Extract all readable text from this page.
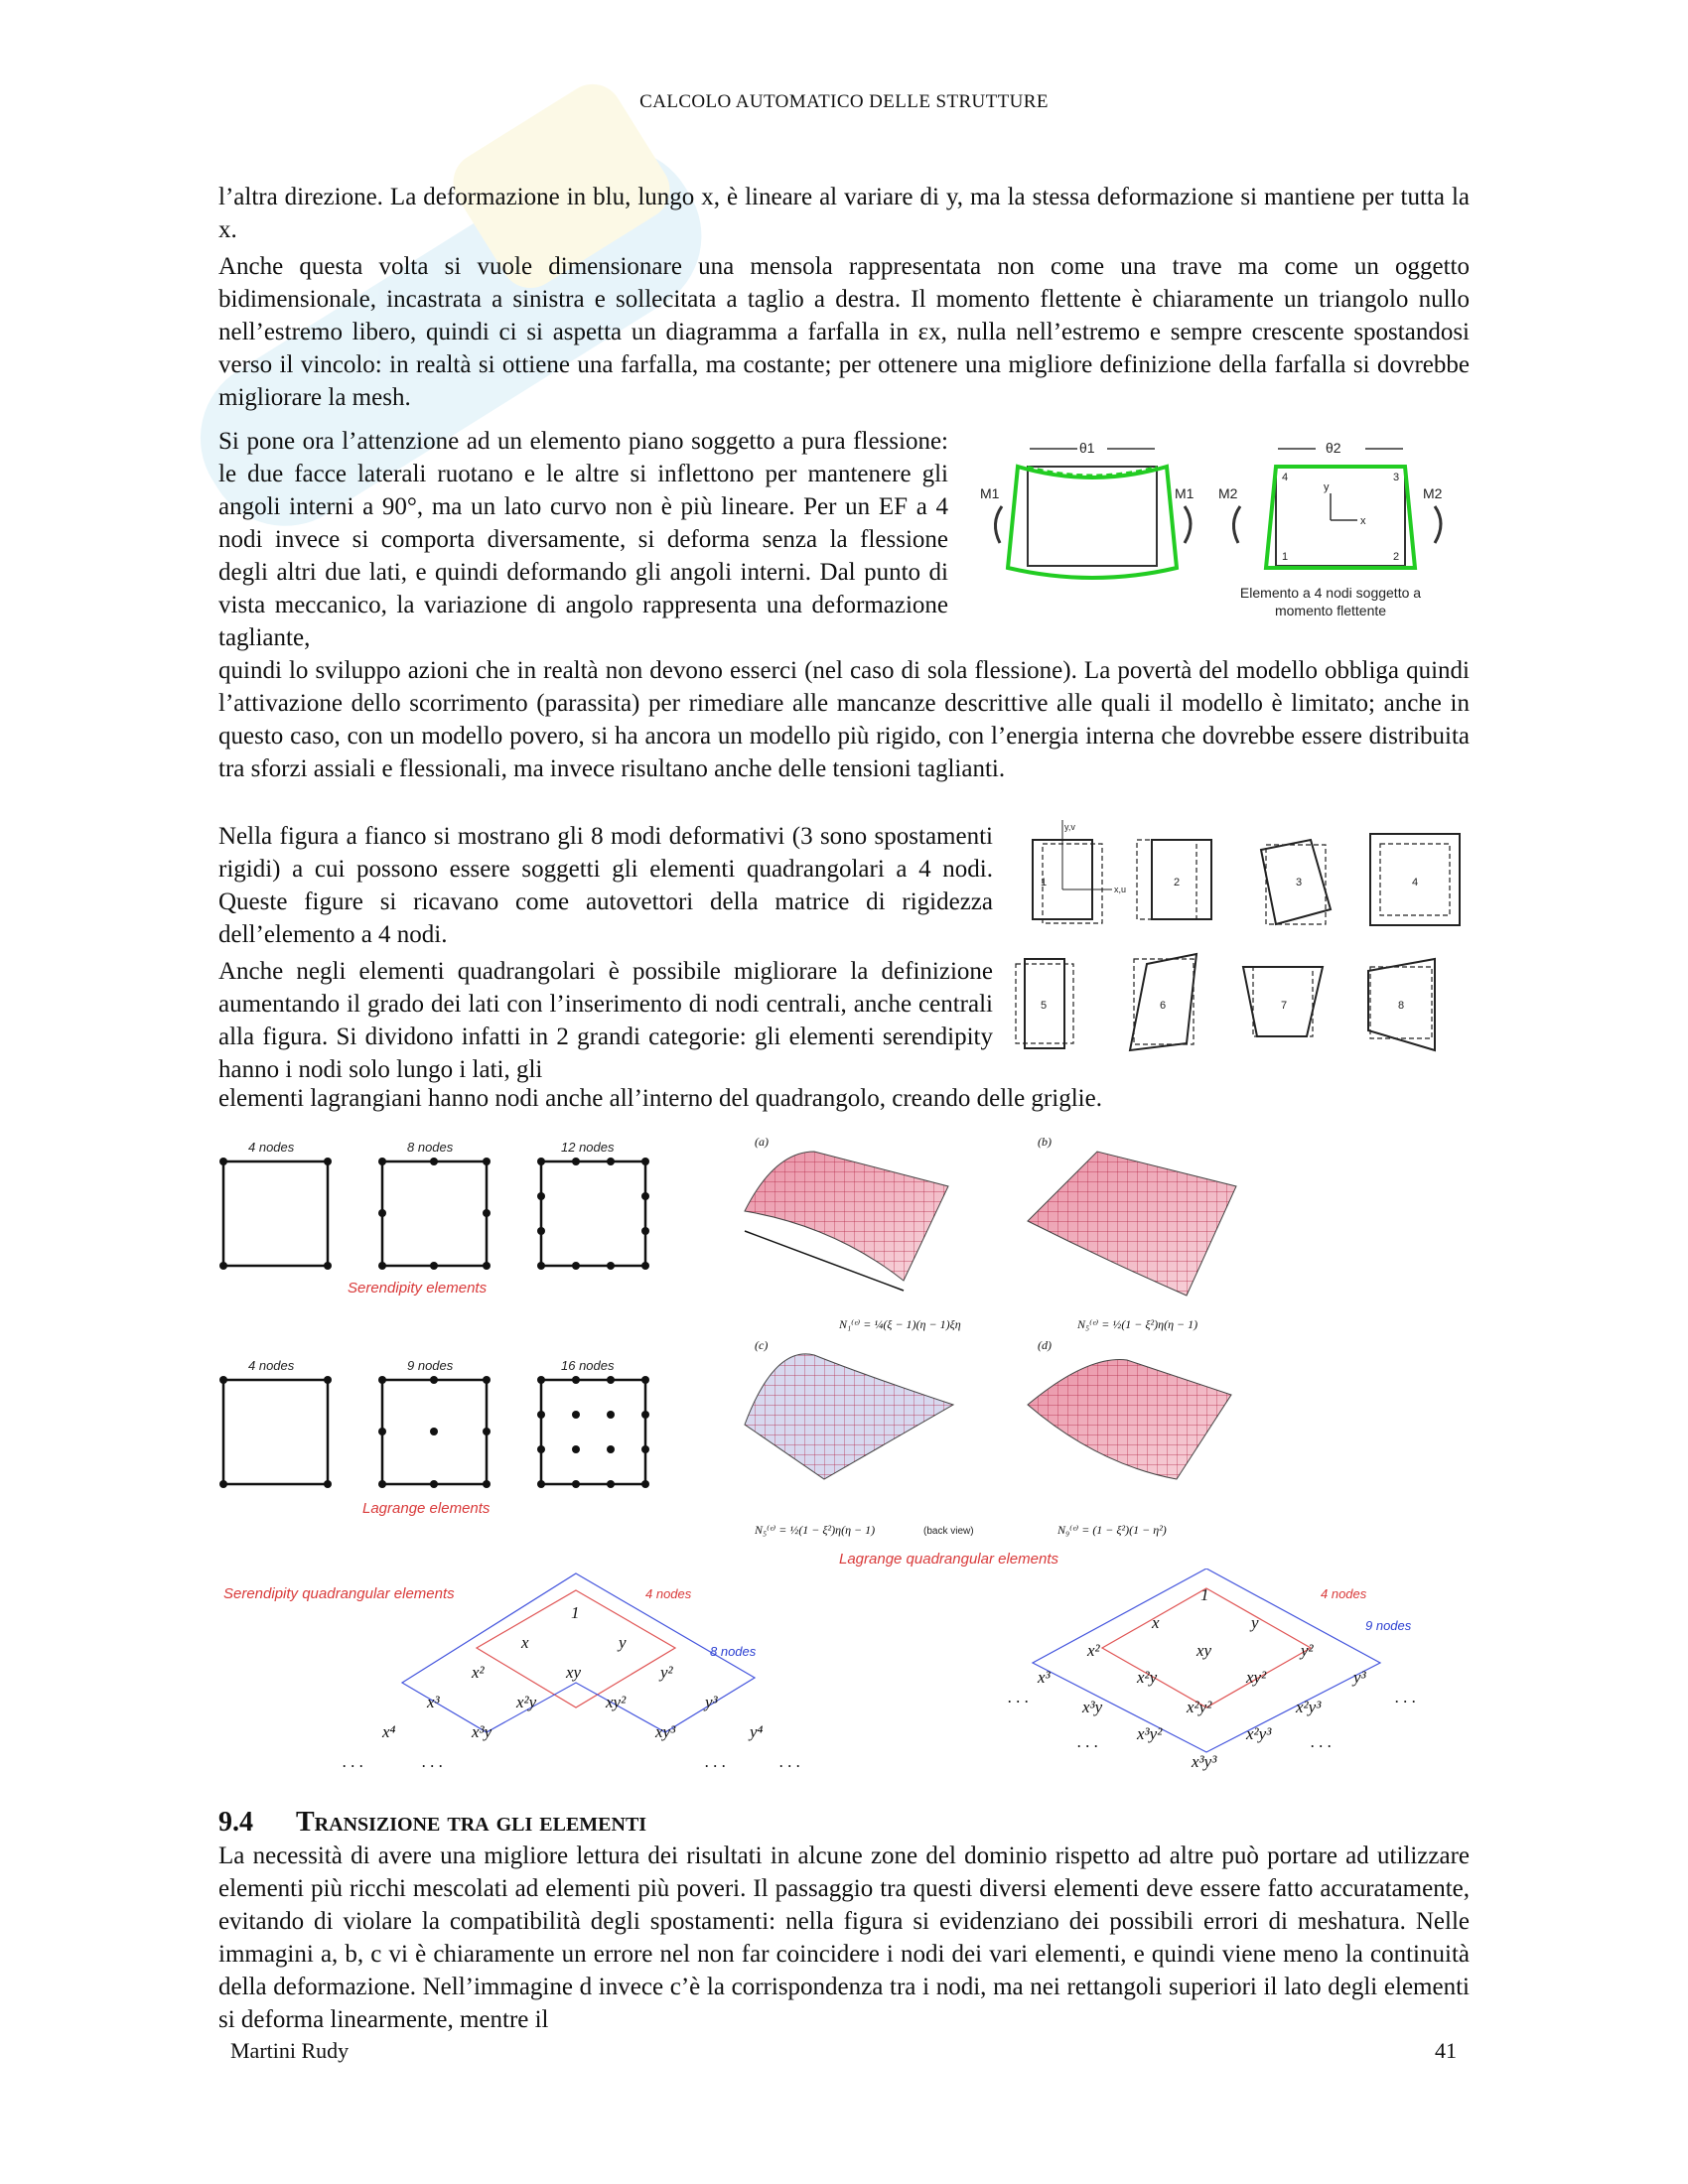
CALCOLO AUTOMATICO DELLE STRUTTURE

l’altra direzione. La deformazione in blu, lungo x, è lineare al variare di y, ma la stessa deformazione si mantiene per tutta la x.

Anche questa volta si vuole dimensionare una mensola rappresentata non come una trave ma come un oggetto bidimensionale, incastrata a sinistra e sollecitata a taglio a destra. Il momento flettente è chiaramente un triangolo nullo nell’estremo libero, quindi ci si aspetta un diagramma a farfalla in εx, nulla nell’estremo e sempre crescente spostandosi verso il vincolo: in realtà si ottiene una farfalla, ma costante; per ottenere una migliore definizione della farfalla si dovrebbe migliorare la mesh.

Si pone ora l’attenzione ad un elemento piano soggetto a pura flessione: le due facce laterali ruotano e le altre si inflettono per mantenere gli angoli interni a 90°, ma un lato curvo non è più lineare. Per un EF a 4 nodi invece si comporta diversamente, si deforma senza la flessione degli altri due lati, e quindi deformando gli angoli interni. Dal punto di vista meccanico, la variazione di angolo rappresenta una deformazione tagliante,
θ1
M1	M1
θ2
M2	M2
y
x
1	2
3
4
Elemento a 4 nodi soggetto a
momento flettente
quindi lo sviluppo azioni che in realtà non devono esserci (nel caso di sola flessione). La povertà del modello obbliga quindi l’attivazione dello scorrimento (parassita) per rimediare alle mancanze descrittive alle quali il modello è limitato; anche in questo caso, con un modello povero, si ha ancora un modello più rigido, con l’energia interna che dovrebbe essere distribuita tra sforzi assiali e flessionali, ma invece risultano anche delle tensioni taglianti.

Nella figura a fianco si mostrano gli 8 modi deformativi (3 sono spostamenti rigidi) a cui possono essere soggetti gli elementi quadrangolari a 4 nodi. Queste figure si ricavano come autovettori della matrice di rigidezza dell’elemento a 4 nodi.

Anche negli elementi quadrangolari è possibile migliorare la definizione aumentando il grado dei lati con l’inserimento di nodi centrali, anche centrali alla figura. Si dividono infatti in 2 grandi categorie: gli elementi serendipity hanno i nodi solo lungo i lati, gli

y,v
x,u
1	2	3	4
5	6	7	8
elementi lagrangiani hanno nodi anche all’interno del quadrangolo, creando delle griglie.
4 nodes	8 nodes	12 nodes
Serendipity elements
4 nodes	9 nodes	16 nodes
Lagrange elements
(a)
N₁⁽ᵉ⁾ = ¼(ξ − 1)(η − 1)ξη
(b)
N₅⁽ᵉ⁾ = ½(1 − ξ²)η(η − 1)
(c)
N₅⁽ᵉ⁾ = ½(1 − ξ²)η(η − 1)	(back view)
(d)
N₉⁽ᵉ⁾ = (1 − ξ²)(1 − η²)
Lagrange quadrangular elements
Serendipity quadrangular elements	4 nodes
8 nodes
1
x	y
x²	xy	y²
x³	x²y	xy²	y³
x⁴	x³y	xy³	y⁴
. . .	. . .	. . .	. . .
4 nodes
9 nodes
1
x	y
x²	xy	y²
x³	x²y	xy²	y³
x³y	x²y²	x²y³
x³y²	x²y³
x³y³
. . .	. . .
. . .	. . .
9.4 Transizione tra gli elementi
La necessità di avere una migliore lettura dei risultati in alcune zone del dominio rispetto ad altre può portare ad utilizzare elementi più ricchi mescolati ad elementi più poveri. Il passaggio tra questi diversi elementi deve essere fatto accuratamente, evitando di violare la compatibilità degli spostamenti: nella figura si evidenziano dei possibili errori di meshatura. Nelle immagini a, b, c vi è chiaramente un errore nel non far coincidere i nodi dei vari elementi, e quindi viene meno la continuità della deformazione. Nell’immagine d invece c’è la corrispondenza tra i nodi, ma nei rettangoli superiori il lato degli elementi si deforma linearmente, mentre il
Martini Rudy	41
